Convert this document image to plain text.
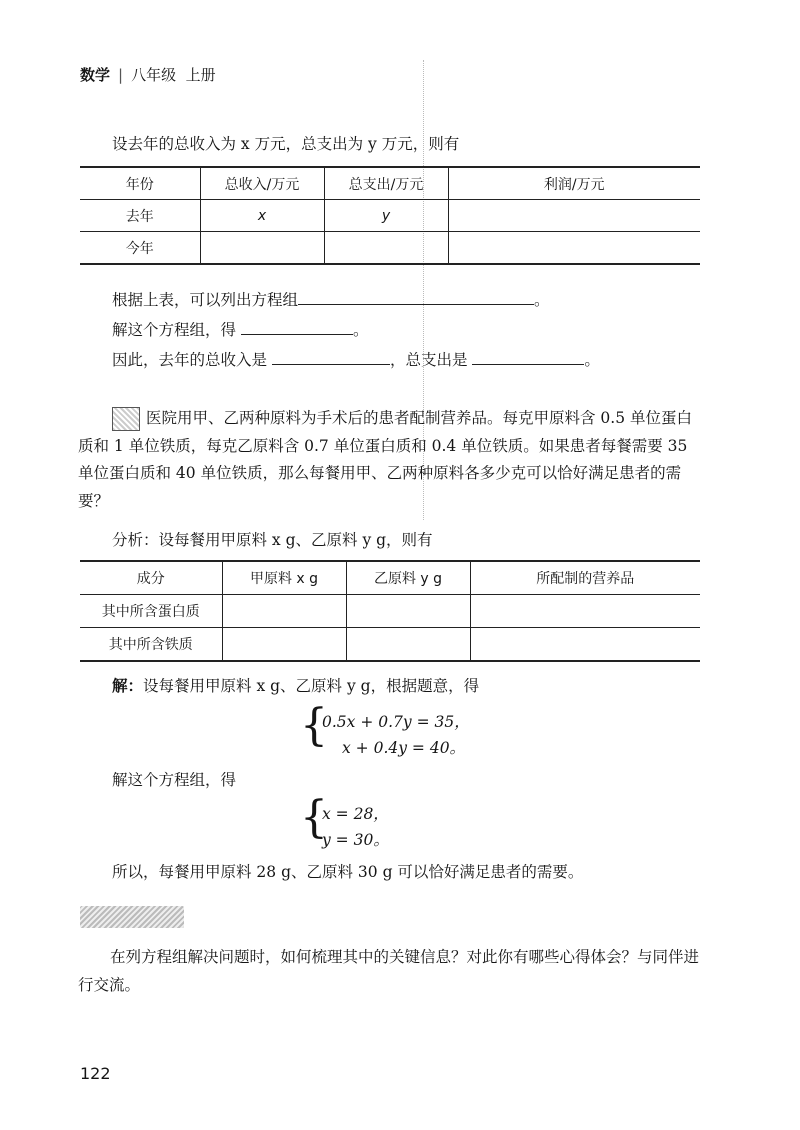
数学 | 八年级 上册
设去年的总收入为 x 万元，总支出为 y 万元，则有
年份	总收入/万元	总支出/万元	利润/万元
去年	x	y	
今年			
根据上表，可以列出方程组	。
解这个方程组，得	。
因此，去年的总收入是	，总支出是	。
医院用甲、乙两种原料为手术后的患者配制营养品。每克甲原料含 0.5 单位蛋白质和 1 单位铁质，每克乙原料含 0.7 单位蛋白质和 0.4 单位铁质。如果患者每餐需要 35 单位蛋白质和 40 单位铁质，那么每餐用甲、乙两种原料各多少克可以恰好满足患者的需要？
分析：设每餐用甲原料 x g、乙原料 y g，则有
成分	甲原料 x g	乙原料 y g	所配制的营养品
其中所含蛋白质			
其中所含铁质			
解：设每餐用甲原料 x g、乙原料 y g，根据题意，得
{
0.5x + 0.7y = 35，
x + 0.4y = 40。
解这个方程组，得
{
x = 28，
y = 30。
所以，每餐用甲原料 28 g、乙原料 30 g 可以恰好满足患者的需要。
在列方程组解决问题时，如何梳理其中的关键信息？对此你有哪些心得体会？与同伴进行交流。
122
